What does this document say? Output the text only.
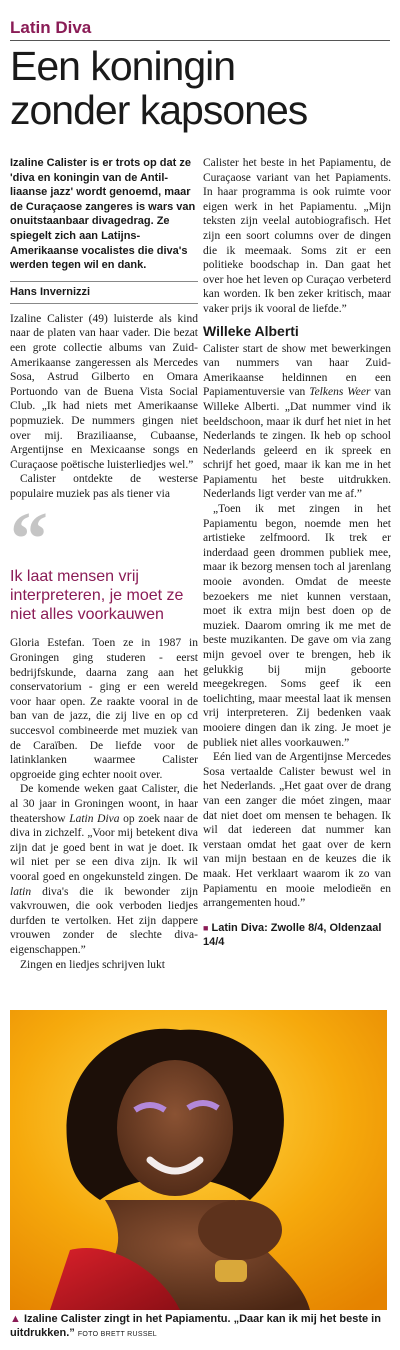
Latin Diva
Een koningin
zonder kapsones

Izaline Calister is er trots op dat ze 'diva en koningin van de Antil-liaanse jazz' wordt genoemd, maar de Curaçaose zangeres is wars van onuitstaanbaar divagedrag. Ze spiegelt zich aan Latijns-Amerikaanse vocalistes die diva's werden tegen wil en dank.

Hans Invernizzi

Izaline Calister (49) luisterde als kind naar de platen van haar vader. Die bezat een grote collectie albums van Zuid-Amerikaanse zangeressen als Mercedes Sosa, Astrud Gilberto en Omara Portuondo van de Buena Vista Social Club. „Ik had niets met Amerikaanse popmuziek. De nummers gingen niet over mij. Braziliaanse, Cubaanse, Argentijnse en Mexicaanse songs en Curaçaose poëtische luisterliedjes wel.”

Calister ontdekte de westerse populaire muziek pas als tiener via

“
Ik laat mensen vrij interpreteren, je moet ze niet alles voorkauwen

Gloria Estefan. Toen ze in 1987 in Groningen ging studeren - eerst bedrijfskunde, daarna zang aan het conservatorium - ging er een wereld voor haar open. Ze raakte vooral in de ban van de jazz, die zij live en op cd succesvol combineerde met muziek van de Caraïben. De liefde voor de latinklanken waarmee Calister opgroeide ging echter nooit over.

De komende weken gaat Calister, die al 30 jaar in Groningen woont, in haar theatershow Latin Diva op zoek naar de diva in zichzelf. „Voor mij betekent diva zijn dat je goed bent in wat je doet. Ik wil niet per se een diva zijn. Ik wil vooral goed en ongekunsteld zingen. De latin diva's die ik bewonder zijn vakvrouwen, die ook verboden liedjes durfden te vertolken. Het zijn dappere vrouwen zonder de slechte diva-eigenschappen.”

Zingen en liedjes schrijven lukt

Calister het beste in het Papiamentu, de Curaçaose variant van het Papiaments. In haar programma is ook ruimte voor eigen werk in het Papiamentu. „Mijn teksten zijn veelal autobiografisch. Het zijn een soort columns over de dingen die ik meemaak. Soms zit er een politieke boodschap in. Dan gaat het over hoe het leven op Curaçao verbeterd kan worden. Ik ben zeker kritisch, maar vaker prijs ik vooral de liefde.”

Willeke Alberti

Calister start de show met bewerkingen van nummers van haar Zuid-Amerikaanse heldinnen en een Papiamentuversie van Telkens Weer van Willeke Alberti. „Dat nummer vind ik beeldschoon, maar ik durf het niet in het Nederlands te zingen. Ik heb op school Nederlands geleerd en ik spreek en schrijf het goed, maar ik kan me in het Papiamentu het beste uitdrukken. Nederlands ligt verder van me af.”

„Toen ik met zingen in het Papiamentu begon, noemde men het artistieke zelfmoord. Ik trek er inderdaad geen drommen publiek mee, maar ik bezorg mensen toch al jarenlang mooie avonden. Omdat de meeste bezoekers me niet kunnen verstaan, moet ik extra mijn best doen op de muziek. Daarom omring ik me met de beste muzikanten. De gave om via zang mijn gevoel over te brengen, heb ik gelukkig bij mijn geboorte meegekregen. Soms geef ik een toelichting, maar meestal laat ik mensen vrij interpreteren. Zij bedenken vaak mooiere dingen dan ik zing. Je moet je publiek niet alles voorkauwen.”

Eén lied van de Argentijnse Mercedes Sosa vertaalde Calister bewust wel in het Nederlands. „Het gaat over de drang van een zanger die móet zingen, maar dat niet doet om mensen te behagen. Ik wil dat iedereen dat nummer kan verstaan omdat het gaat over de kern van mijn bestaan en de keuzes die ik maak. Het verklaart waarom ik zo van Papiamentu en mooie melodieën en arrangementen houd.”

■ Latin Diva: Zwolle 8/4, Oldenzaal 14/4
▲ Izaline Calister zingt in het Papiamentu. „Daar kan ik mij het beste in uitdrukken.” FOTO BRETT RUSSEL
